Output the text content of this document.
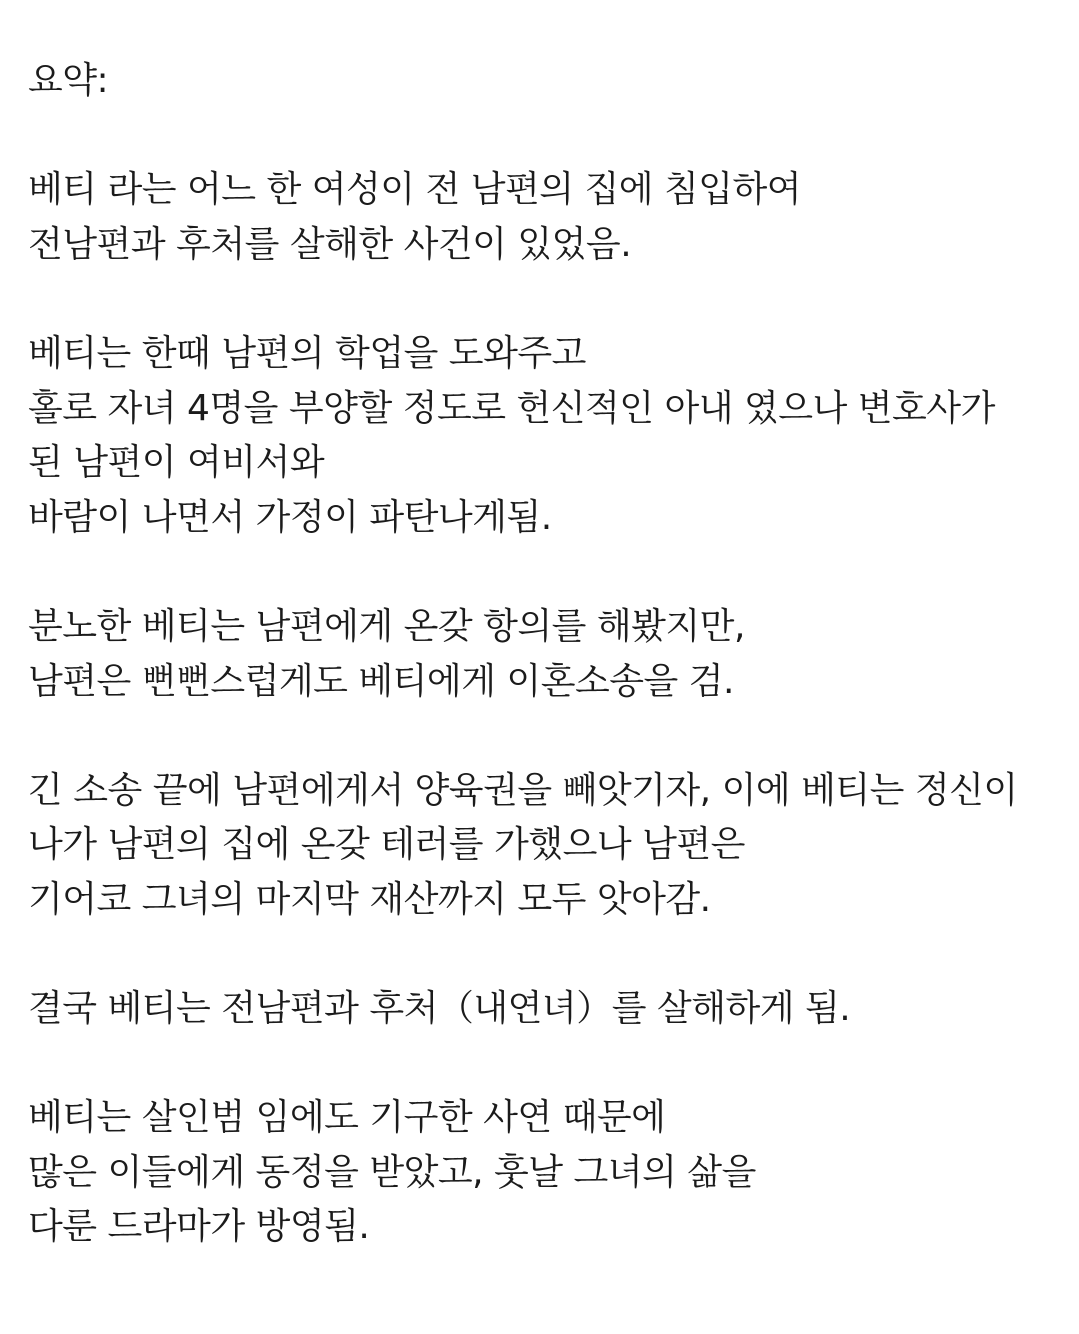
요약:
베티 라는 어느 한 여성이 전 남편의 집에 침입하여
전남편과 후처를 살해한 사건이 있었음.
베티는 한때 남편의 학업을 도와주고
홀로 자녀 4명을 부양할 정도로 헌신적인 아내 였으나 변호사가
된 남편이 여비서와
바람이 나면서 가정이 파탄나게됨.
분노한 베티는 남편에게 온갖 항의를 해봤지만,
남편은 뻔뻔스럽게도 베티에게 이혼소송을 검.
긴 소송 끝에 남편에게서 양육권을 빼앗기자, 이에 베티는 정신이
나가 남편의 집에 온갖 테러를 가했으나 남편은
기어코 그녀의 마지막 재산까지 모두 앗아감.
결국 베티는 전남편과 후처（내연녀）를 살해하게 됨.
베티는 살인범 임에도 기구한 사연 때문에
많은 이들에게 동정을 받았고, 훗날 그녀의 삶을
다룬 드라마가 방영됨.
